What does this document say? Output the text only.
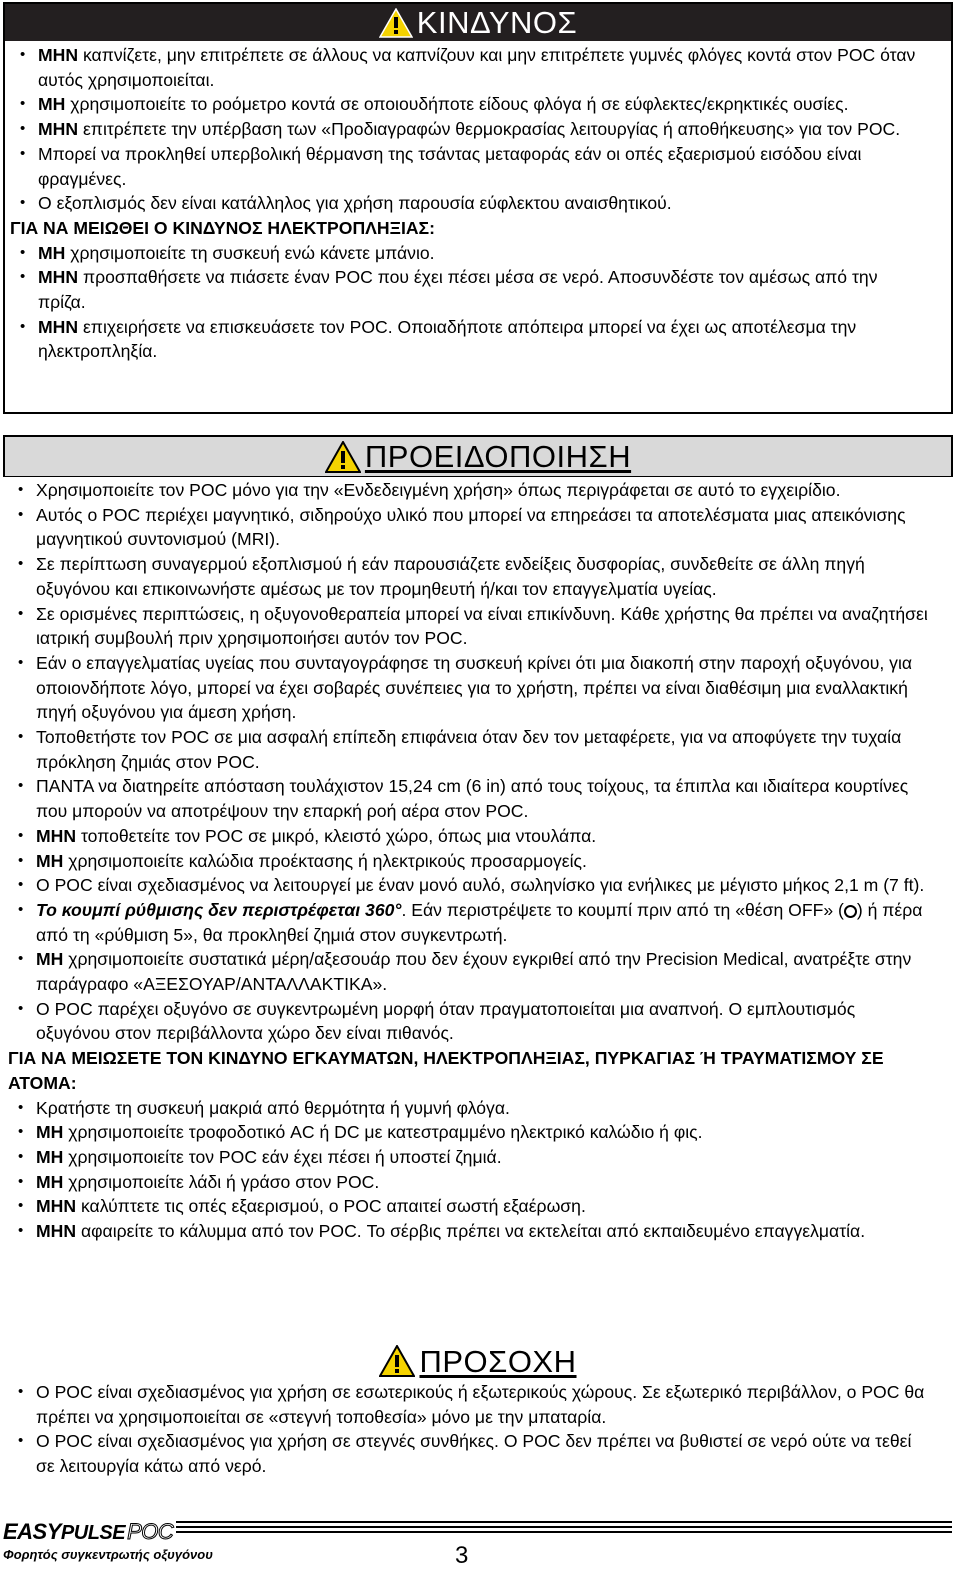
ΚΙΝΔΥΝΟΣ
• ΜΗΝ καπνίζετε, μην επιτρέπετε σε άλλους να καπνίζουν και μην επιτρέπετε γυμνές φλόγες κοντά στον POC όταν αυτός χρησιμοποιείται.
• ΜΗ χρησιμοποιείτε το ροόμετρο κοντά σε οποιουδήποτε είδους φλόγα ή σε εύφλεκτες/εκρηκτικές ουσίες.
• ΜΗΝ επιτρέπετε την υπέρβαση των «Προδιαγραφών θερμοκρασίας λειτουργίας ή αποθήκευσης» για τον POC.
• Μπορεί να προκληθεί υπερβολική θέρμανση της τσάντας μεταφοράς εάν οι οπές εξαερισμού εισόδου είναι φραγμένες.
• Ο εξοπλισμός δεν είναι κατάλληλος για χρήση παρουσία εύφλεκτου αναισθητικού.
ΓΙΑ ΝΑ ΜΕΙΩΘΕΙ Ο ΚΙΝΔΥΝΟΣ ΗΛΕΚΤΡΟΠΛΗΞΙΑΣ:
• ΜΗ χρησιμοποιείτε τη συσκευή ενώ κάνετε μπάνιο.
• ΜΗΝ προσπαθήσετε να πιάσετε έναν POC που έχει πέσει μέσα σε νερό. Αποσυνδέστε τον αμέσως από την πρίζα.
• ΜΗΝ επιχειρήσετε να επισκευάσετε τον POC. Οποιαδήποτε απόπειρα μπορεί να έχει ως αποτέλεσμα την ηλεκτροπληξία.
ΠΡΟΕΙΔΟΠΟΙΗΣΗ
• Χρησιμοποιείτε τον POC μόνο για την «Ενδεδειγμένη χρήση» όπως περιγράφεται σε αυτό το εγχειρίδιο.
• Αυτός ο POC περιέχει μαγνητικό, σιδηρούχο υλικό που μπορεί να επηρεάσει τα αποτελέσματα μιας απεικόνισης μαγνητικού συντονισμού (MRI).
• Σε περίπτωση συναγερμού εξοπλισμού ή εάν παρουσιάζετε ενδείξεις δυσφορίας, συνδεθείτε σε άλλη πηγή οξυγόνου και επικοινωνήστε αμέσως με τον προμηθευτή ή/και τον επαγγελματία υγείας.
• Σε ορισμένες περιπτώσεις, η οξυγονοθεραπεία μπορεί να είναι επικίνδυνη. Κάθε χρήστης θα πρέπει να αναζητήσει ιατρική συμβουλή πριν χρησιμοποιήσει αυτόν τον POC.
• Εάν ο επαγγελματίας υγείας που συνταγογράφησε τη συσκευή κρίνει ότι μια διακοπή στην παροχή οξυγόνου, για οποιονδήποτε λόγο, μπορεί να έχει σοβαρές συνέπειες για το χρήστη, πρέπει να είναι διαθέσιμη μια εναλλακτική πηγή οξυγόνου για άμεση χρήση.
• Τοποθετήστε τον POC σε μια ασφαλή επίπεδη επιφάνεια όταν δεν τον μεταφέρετε, για να αποφύγετε την τυχαία πρόκληση ζημιάς στον POC.
• ΠΑΝΤΑ να διατηρείτε απόσταση τουλάχιστον 15,24 cm (6 in) από τους τοίχους, τα έπιπλα και ιδιαίτερα κουρτίνες που μπορούν να αποτρέψουν την επαρκή ροή αέρα στον POC.
• ΜΗΝ τοποθετείτε τον POC σε μικρό, κλειστό χώρο, όπως μια ντουλάπα.
• ΜΗ χρησιμοποιείτε καλώδια προέκτασης ή ηλεκτρικούς προσαρμογείς.
• Ο POC είναι σχεδιασμένος να λειτουργεί με έναν μονό αυλό, σωληνίσκο για ενήλικες με μέγιστο μήκος 2,1 m (7 ft).
• Το κουμπί ρύθμισης δεν περιστρέφεται 360°. Εάν περιστρέψετε το κουμπί πριν από τη «θέση OFF» ( ) ή πέρα από τη «ρύθμιση 5», θα προκληθεί ζημιά στον συγκεντρωτή.
• ΜΗ χρησιμοποιείτε συστατικά μέρη/αξεσουάρ που δεν έχουν εγκριθεί από την Precision Medical, ανατρέξτε στην παράγραφο «ΑΞΕΣΟΥΑΡ/ΑΝΤΑΛΛΑΚΤΙΚΑ».
• Ο POC παρέχει οξυγόνο σε συγκεντρωμένη μορφή όταν πραγματοποιείται μια αναπνοή. Ο εμπλουτισμός οξυγόνου στον περιβάλλοντα χώρο δεν είναι πιθανός.
ΓΙΑ ΝΑ ΜΕΙΩΣΕΤΕ ΤΟΝ ΚΙΝΔΥΝΟ ΕΓΚΑΥΜΑΤΩΝ, ΗΛΕΚΤΡΟΠΛΗΞΙΑΣ, ΠΥΡΚΑΓΙΑΣ Ή ΤΡΑΥΜΑΤΙΣΜΟΥ ΣΕ ΑΤΟΜΑ:
• Κρατήστε τη συσκευή μακριά από θερμότητα ή γυμνή φλόγα.
• ΜΗ χρησιμοποιείτε τροφοδοτικό AC ή DC με κατεστραμμένο ηλεκτρικό καλώδιο ή φις.
• ΜΗ χρησιμοποιείτε τον POC εάν έχει πέσει ή υποστεί ζημιά.
• ΜΗ χρησιμοποιείτε λάδι ή γράσο στον POC.
• ΜΗΝ καλύπτετε τις οπές εξαερισμού, ο POC απαιτεί σωστή εξαέρωση.
• ΜΗΝ αφαιρείτε το κάλυμμα από τον POC. Το σέρβις πρέπει να εκτελείται από εκπαιδευμένο επαγγελματία.
ΠΡΟΣΟΧΗ
• Ο POC είναι σχεδιασμένος για χρήση σε εσωτερικούς ή εξωτερικούς χώρους. Σε εξωτερικό περιβάλλον, ο POC θα πρέπει να χρησιμοποιείται σε «στεγνή τοποθεσία» μόνο με την μπαταρία.
• Ο POC είναι σχεδιασμένος για χρήση σε στεγνές συνθήκες. Ο POC δεν πρέπει να βυθιστεί σε νερό ούτε να τεθεί σε λειτουργία κάτω από νερό.
EASYPULSEPOC
Φορητός συγκεντρωτής οξυγόνου	3
